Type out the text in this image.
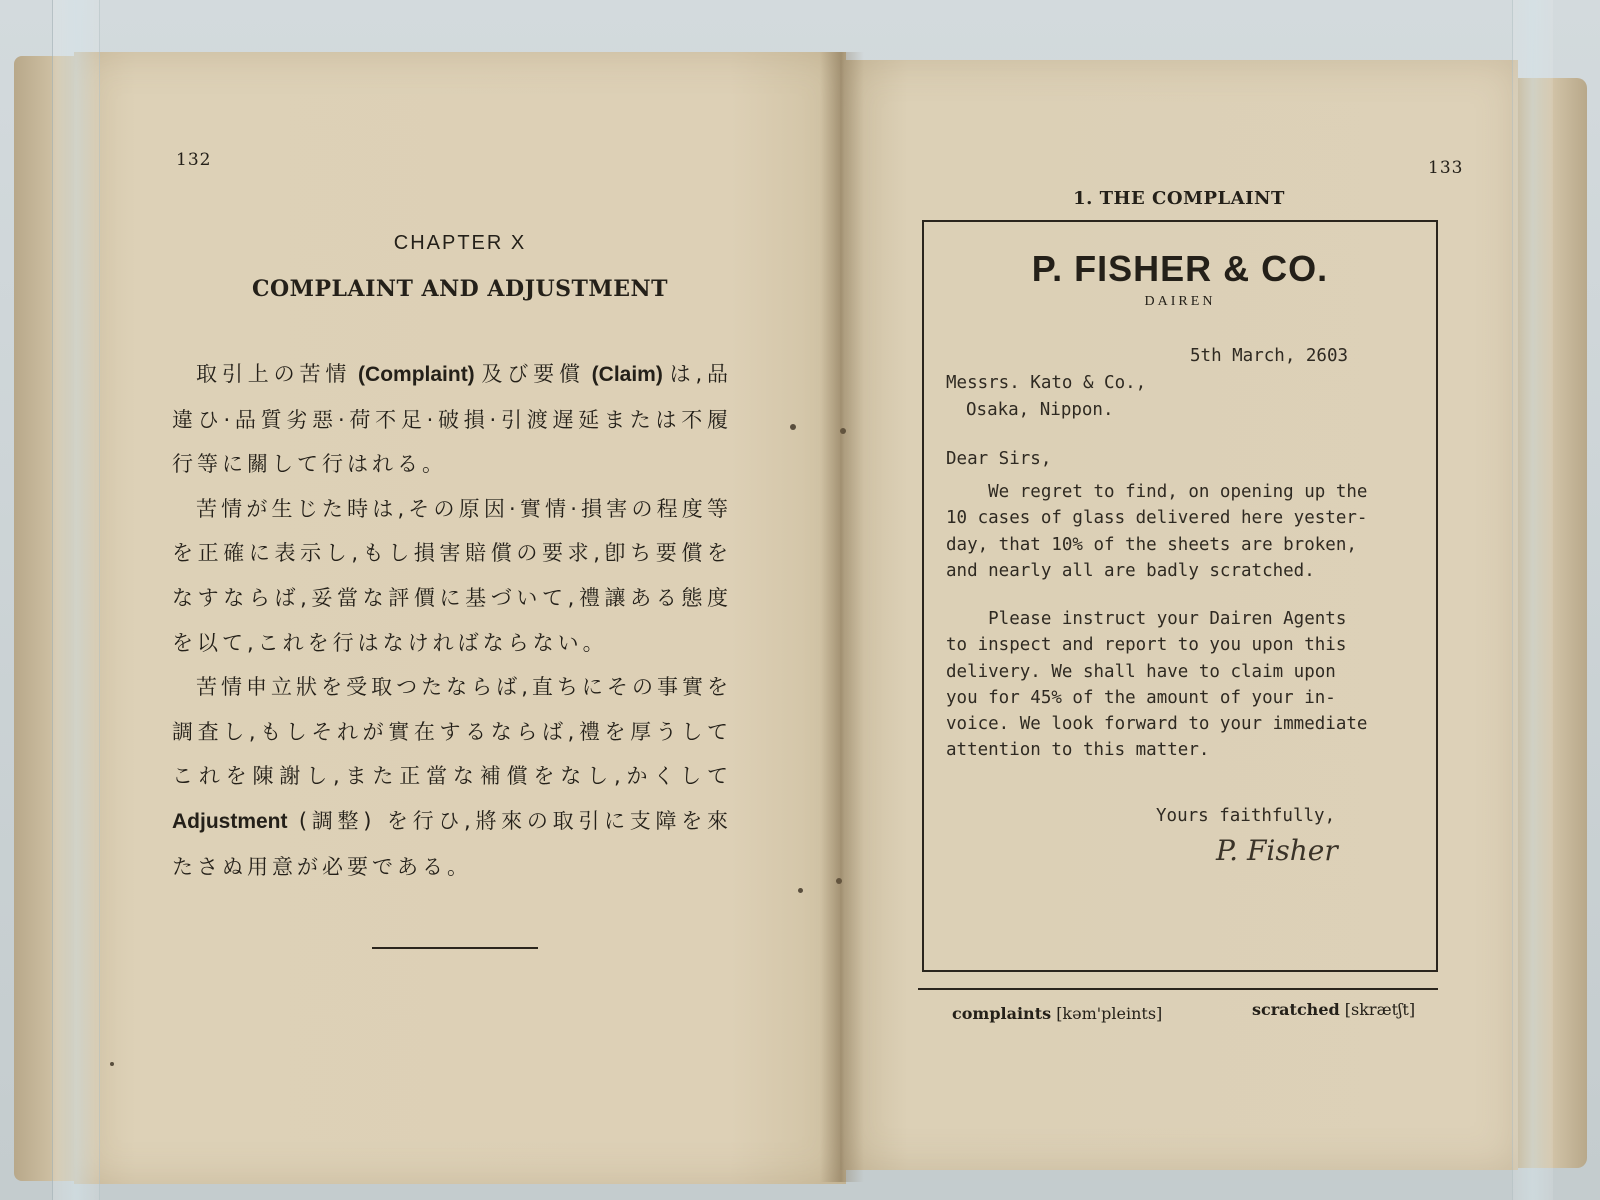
132
CHAPTER X
COMPLAINT AND ADJUSTMENT

取引上の苦情 (Complaint) 及び要償 (Claim) は,品違ひ·品質劣惡·荷不足·破損·引渡遅延または不履行等に關して行はれる。

苦情が生じた時は,その原因·實情·損害の程度等を正確に表示し,もし損害賠償の要求,卽ち要償をなすならば,妥當な評價に基づいて,禮讓ある態度を以て,これを行はなければならない。

苦情申立狀を受取つたならば,直ちにその事實を調査し,もしそれが實在するならば,禮を厚うしてこれを陳謝し,また正當な補償をなし,かくして Adjustment (調整) を行ひ,將來の取引に支障を來たさぬ用意が必要である。

133
1. THE COMPLAINT
P. FISHER & CO.
DAIREN
5th March, 2603
Messrs. Kato & Co.,
Osaka, Nippon.
Dear Sirs,
We regret to find, on opening up the
10 cases of glass delivered here yester-
day, that 10% of the sheets are broken,
and nearly all are badly scratched.
Please instruct your Dairen Agents
to inspect and report to you upon this
delivery. We shall have to claim upon
you for 45% of the amount of your in-
voice. We look forward to your immediate
attention to this matter.
Yours faithfully,
P. Fisher
complaints [kəm'pleints]	scratched [skrætʃt]
